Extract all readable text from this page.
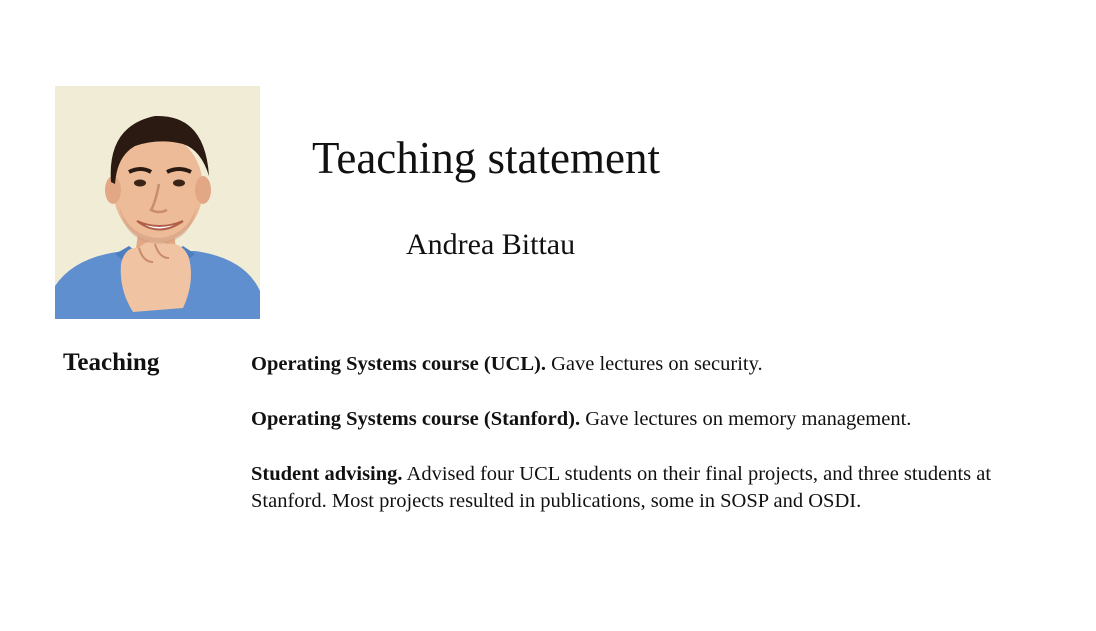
Teaching statement
Andrea Bittau
Teaching	Operating Systems course (UCL). Gave lectures on security.

Operating Systems course (Stanford). Gave lectures on memory management.

Student advising. Advised four UCL students on their final projects, and three students at Stanford. Most projects resulted in publications, some in SOSP and OSDI.
